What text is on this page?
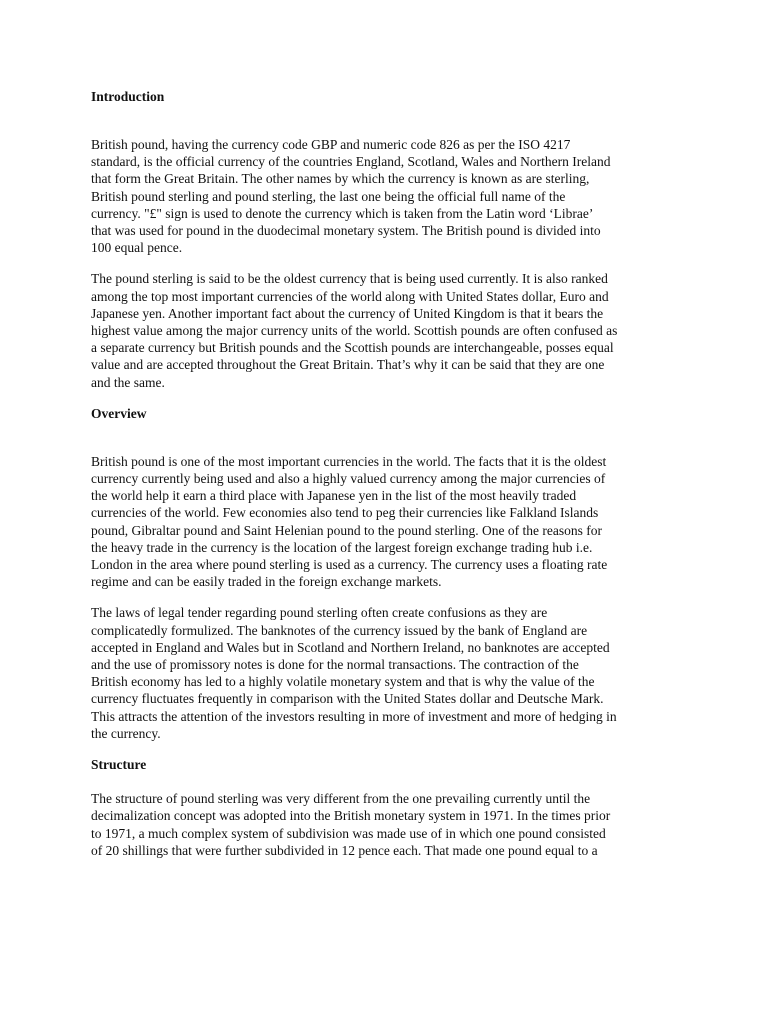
Introduction

British pound, having the currency code GBP and numeric code 826 as per the ISO 4217
standard, is the official currency of the countries England, Scotland, Wales and Northern Ireland
that form the Great Britain. The other names by which the currency is known as are sterling,
British pound sterling and pound sterling, the last one being the official full name of the
currency. "£" sign is used to denote the currency which is taken from the Latin word ‘Librae’
that was used for pound in the duodecimal monetary system. The British pound is divided into
100 equal pence.

The pound sterling is said to be the oldest currency that is being used currently. It is also ranked
among the top most important currencies of the world along with United States dollar, Euro and
Japanese yen. Another important fact about the currency of United Kingdom is that it bears the
highest value among the major currency units of the world. Scottish pounds are often confused as
a separate currency but British pounds and the Scottish pounds are interchangeable, posses equal
value and are accepted throughout the Great Britain. That’s why it can be said that they are one
and the same.

Overview

British pound is one of the most important currencies in the world. The facts that it is the oldest
currency currently being used and also a highly valued currency among the major currencies of
the world help it earn a third place with Japanese yen in the list of the most heavily traded
currencies of the world. Few economies also tend to peg their currencies like Falkland Islands
pound, Gibraltar pound and Saint Helenian pound to the pound sterling. One of the reasons for
the heavy trade in the currency is the location of the largest foreign exchange trading hub i.e.
London in the area where pound sterling is used as a currency. The currency uses a floating rate
regime and can be easily traded in the foreign exchange markets.

The laws of legal tender regarding pound sterling often create confusions as they are
complicatedly formulized. The banknotes of the currency issued by the bank of England are
accepted in England and Wales but in Scotland and Northern Ireland, no banknotes are accepted
and the use of promissory notes is done for the normal transactions. The contraction of the
British economy has led to a highly volatile monetary system and that is why the value of the
currency fluctuates frequently in comparison with the United States dollar and Deutsche Mark.
This attracts the attention of the investors resulting in more of investment and more of hedging in
the currency.

Structure

The structure of pound sterling was very different from the one prevailing currently until the
decimalization concept was adopted into the British monetary system in 1971. In the times prior
to 1971, a much complex system of subdivision was made use of in which one pound consisted
of 20 shillings that were further subdivided in 12 pence each. That made one pound equal to a
